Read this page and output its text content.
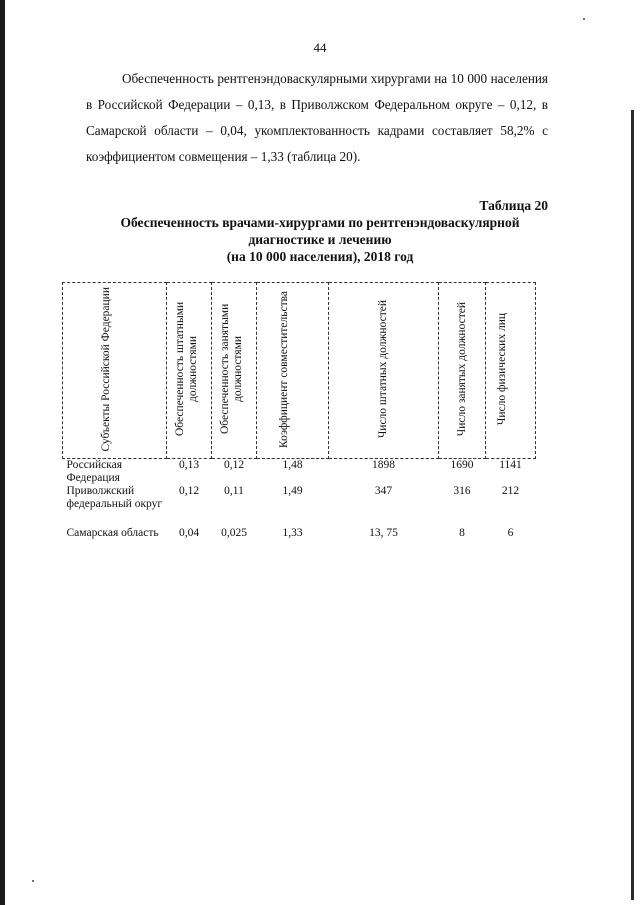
44

Обеспеченность рентгенэндоваскулярными хирургами на 10 000 населения в Российской Федерации – 0,13, в Приволжском Федеральном округе – 0,12, в Самарской области – 0,04, укомплектованность кадрами составляет 58,2% с коэффициентом совмещения – 1,33 (таблица 20).

Таблица 20
Обеспеченность врачами-хирургами по рентгенэндоваскулярной
диагностике и лечению
(на 10 000 населения), 2018 год
Субъекты Российской Федерации	Обеспеченность штатными должностями	Обеспеченность занятыми должностями	Коэффициент совместительства	Число штатных должностей	Число занятых должностей	Число физических лиц
Российская Федерация	0,13	0,12	1,48	1898	1690	1141
Приволжский федеральный округ	0,12	0,11	1,49	347	316	212
Самарская область	0,04	0,025	1,33	13, 75	8	6
